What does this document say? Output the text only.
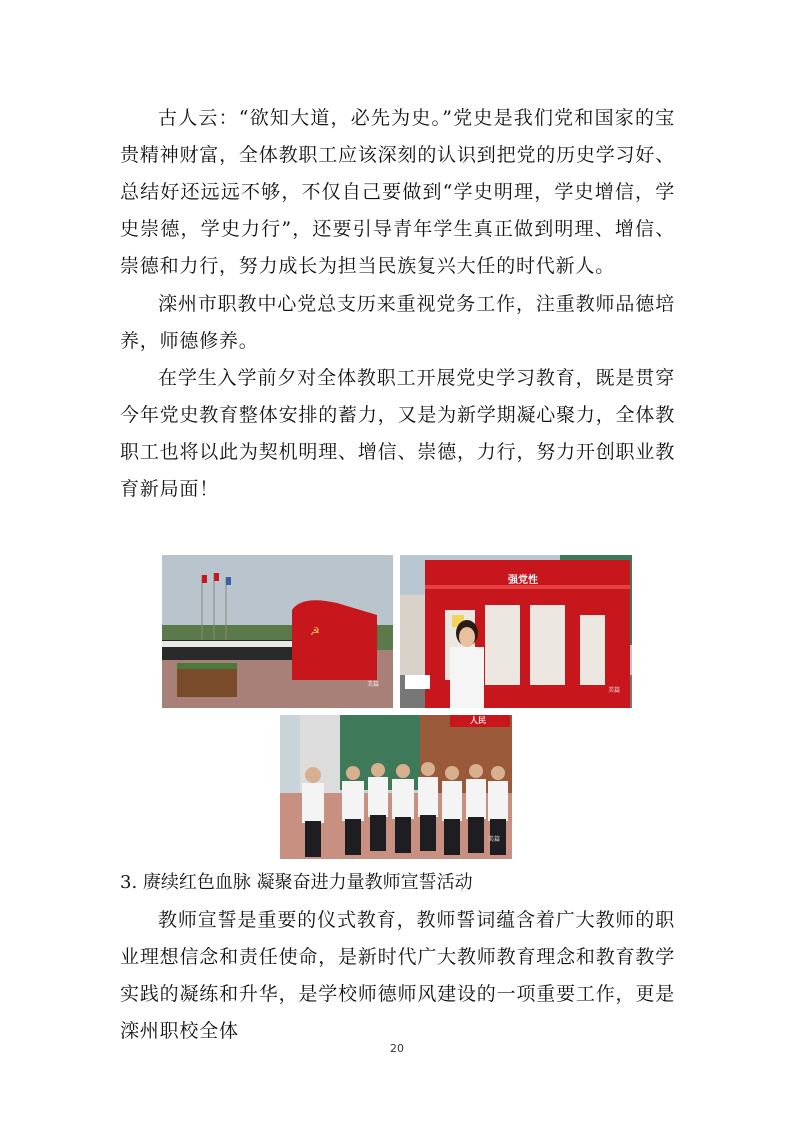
古人云：“欲知大道，必先为史。”党史是我们党和国家的宝贵精神财富，全体教职工应该深刻的认识到把党的历史学习好、总结好还远远不够，不仅自己要做到“学史明理，学史增信，学史崇德，学史力行”，还要引导青年学生真正做到明理、增信、崇德和力行，努力成长为担当民族复兴大任的时代新人。

滦州市职教中心党总支历来重视党务工作，注重教师品德培养，师德修养。

在学生入学前夕对全体教职工开展党史学习教育，既是贯穿今年党史教育整体安排的蓄力，又是为新学期凝心聚力，全体教职工也将以此为契机明理、增信、崇德，力行，努力开创职业教育新局面！

☭
美篇
强党性
美篇
人民
美篇

3. 赓续红色血脉 凝聚奋进力量教师宣誓活动

教师宣誓是重要的仪式教育，教师誓词蕴含着广大教师的职业理想信念和责任使命，是新时代广大教师教育理念和教育教学实践的凝练和升华，是学校师德师风建设的一项重要工作，更是滦州职校全体

20
